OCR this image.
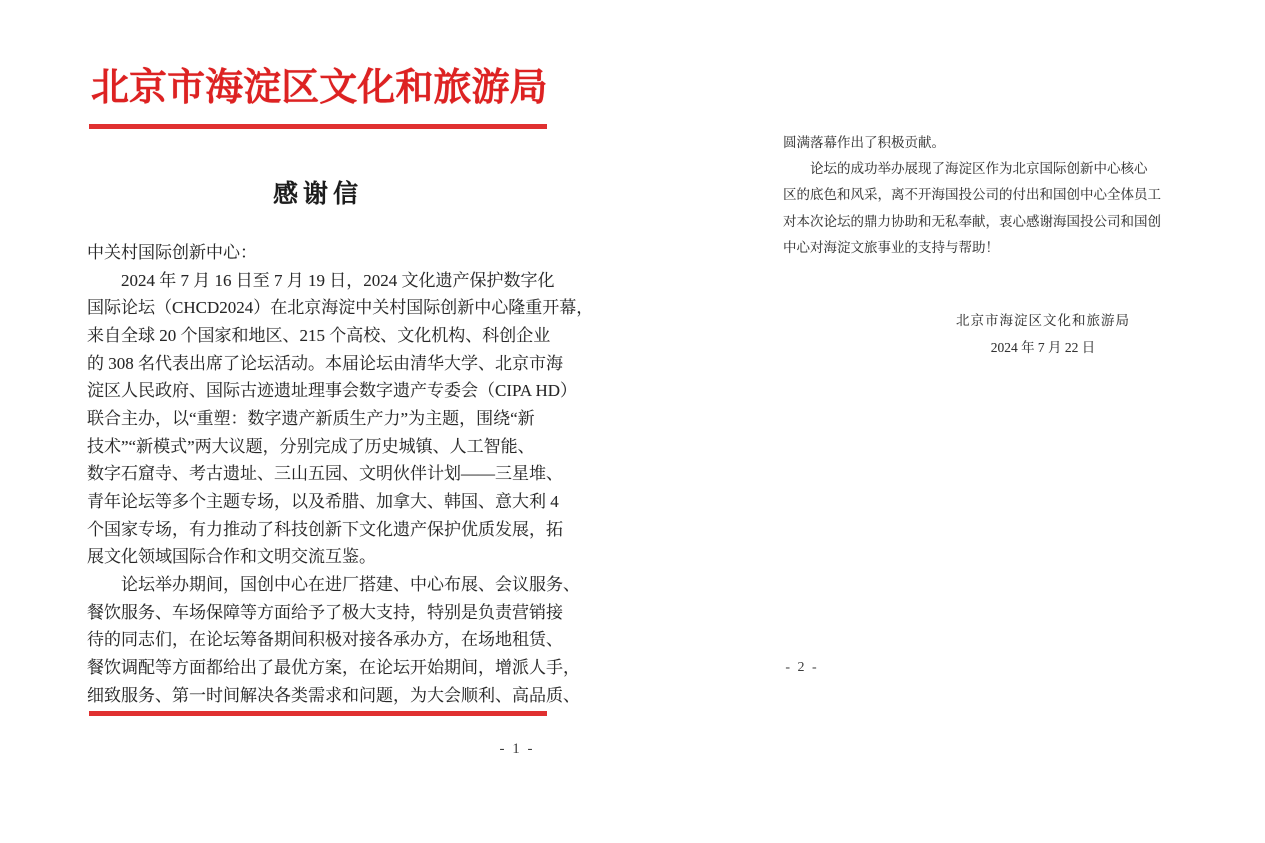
北京市海淀区文化和旅游局
感谢信

中关村国际创新中心：

　　2024 年 7 月 16 日至 7 月 19 日，2024 文化遗产保护数字化

国际论坛（CHCD2024）在北京海淀中关村国际创新中心隆重开幕，

来自全球 20 个国家和地区、215 个高校、文化机构、科创企业

的 308 名代表出席了论坛活动。本届论坛由清华大学、北京市海

淀区人民政府、国际古迹遗址理事会数字遗产专委会（CIPA HD）

联合主办，以“重塑：数字遗产新质生产力”为主题，围绕“新

技术”“新模式”两大议题，分别完成了历史城镇、人工智能、

数字石窟寺、考古遗址、三山五园、文明伙伴计划——三星堆、

青年论坛等多个主题专场，以及希腊、加拿大、韩国、意大利 4

个国家专场，有力推动了科技创新下文化遗产保护优质发展，拓

展文化领域国际合作和文明交流互鉴。

　　论坛举办期间，国创中心在进厂搭建、中心布展、会议服务、

餐饮服务、车场保障等方面给予了极大支持，特别是负责营销接

待的同志们，在论坛筹备期间积极对接各承办方，在场地租赁、

餐饮调配等方面都给出了最优方案，在论坛开始期间，增派人手，

细致服务、第一时间解决各类需求和问题，为大会顺利、高品质、

- 1 -

圆满落幕作出了积极贡献。

　　论坛的成功举办展现了海淀区作为北京国际创新中心核心

区的底色和风采，离不开海国投公司的付出和国创中心全体员工

对本次论坛的鼎力协助和无私奉献，衷心感谢海国投公司和国创

中心对海淀文旅事业的支持与帮助！

北京市海淀区文化和旅游局
2024 年 7 月 22 日
- 2 -
